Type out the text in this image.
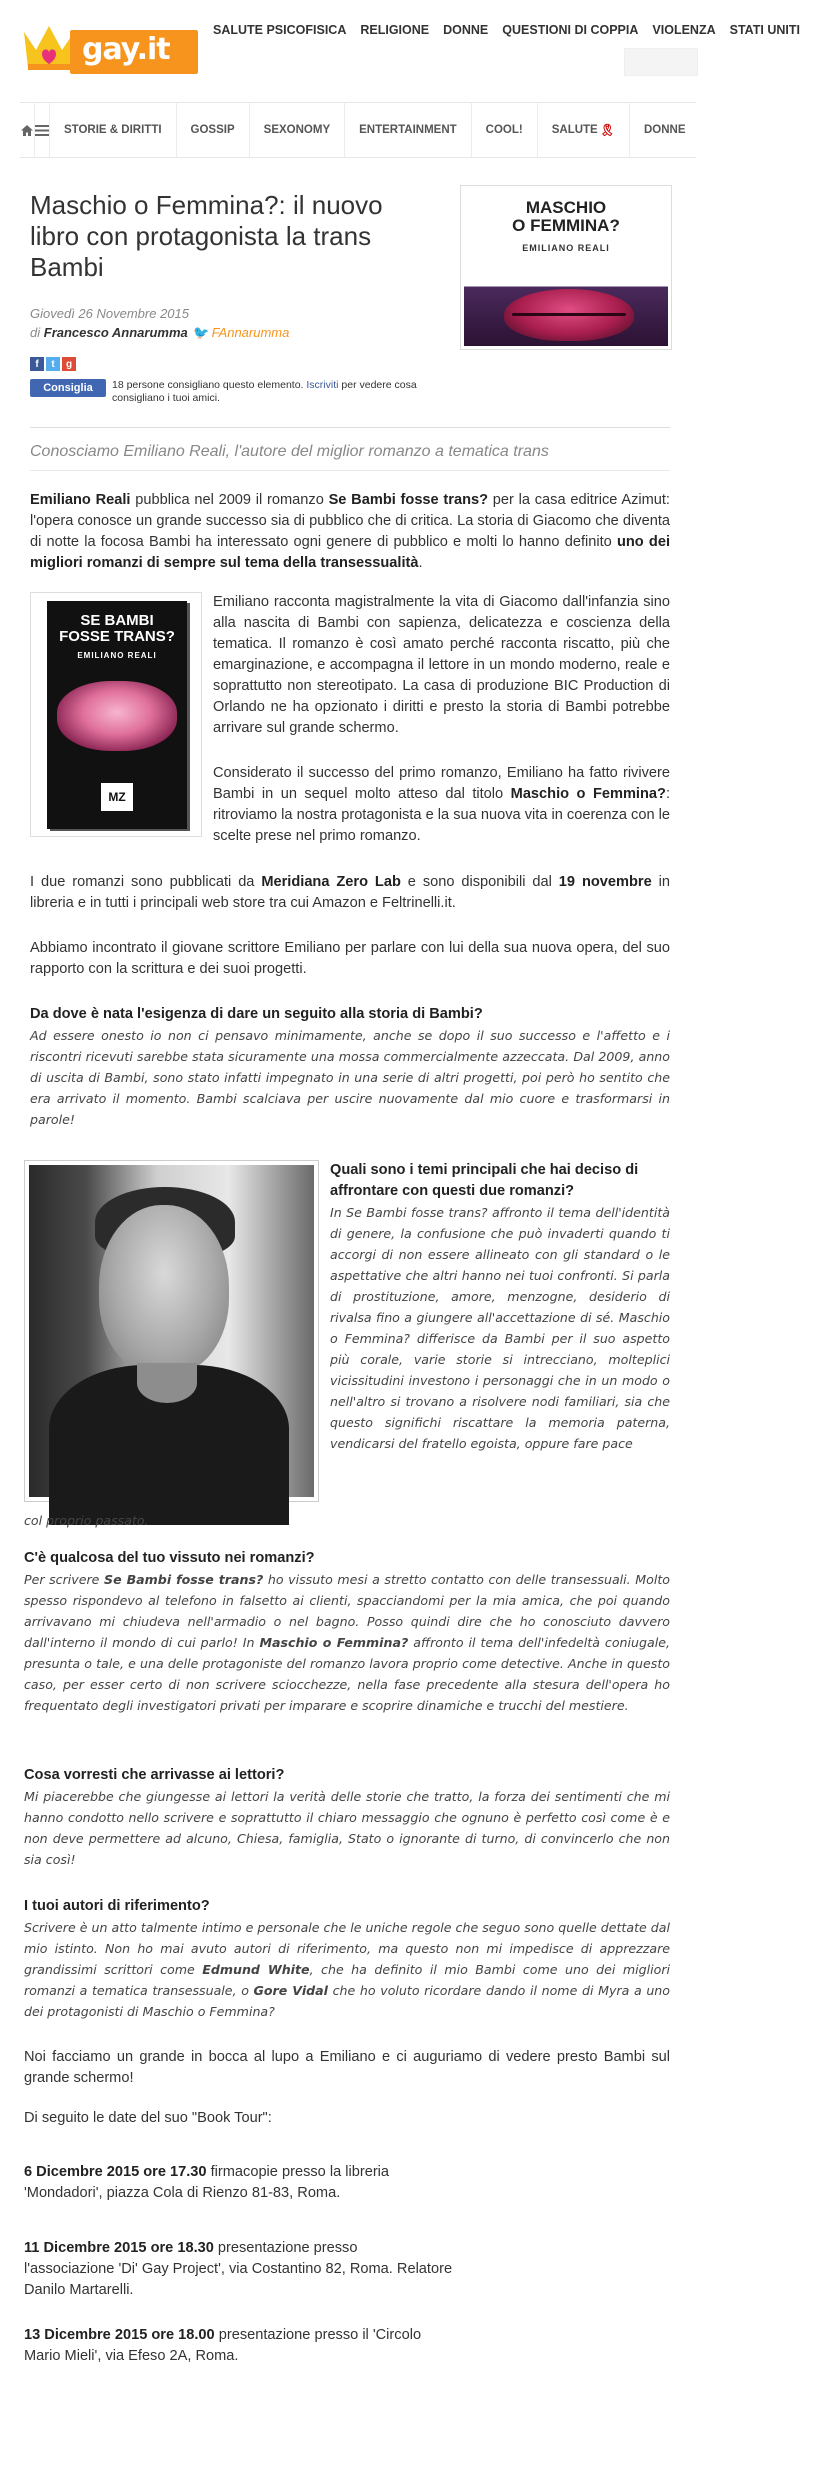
gay.it
SALUTE PSICOFISICA RELIGIONE DONNE QUESTIONI DI COPPIA VIOLENZA STATI UNITI
STORIE & DIRITTI	GOSSIP	SEXONOMY	ENTERTAINMENT	COOL!	SALUTE 🎗	DONNE
Maschio o Femmina?: il nuovo libro con protagonista la trans Bambi
Giovedì 26 Novembre 2015
di Francesco Annarumma 🐦 FAnnarumma
f	t	g
Consiglia 18 persone consigliano questo elemento. Iscriviti per vedere cosa consigliano i tuoi amici.
MASCHIO
O FEMMINA?
EMILIANO REALI
Conosciamo Emiliano Reali, l'autore del miglior romanzo a tematica trans

Emiliano Reali pubblica nel 2009 il romanzo Se Bambi fosse trans? per la casa editrice Azimut: l'opera conosce un grande successo sia di pubblico che di critica. La storia di Giacomo che diventa di notte la focosa Bambi ha interessato ogni genere di pubblico e molti lo hanno definito uno dei migliori romanzi di sempre sul tema della transessualità.

SE BAMBI
FOSSE TRANS?
EMILIANO REALI
MZ

Emiliano racconta magistralmente la vita di Giacomo dall'infanzia sino alla nascita di Bambi con sapienza, delicatezza e coscienza della tematica. Il romanzo è così amato perché racconta riscatto, più che emarginazione, e accompagna il lettore in un mondo moderno, reale e soprattutto non stereotipato. La casa di produzione BIC Production di Orlando ne ha opzionato i diritti e presto la storia di Bambi potrebbe arrivare sul grande schermo.

Considerato il successo del primo romanzo, Emiliano ha fatto rivivere Bambi in un sequel molto atteso dal titolo Maschio o Femmina?: ritroviamo la nostra protagonista e la sua nuova vita in coerenza con le scelte prese nel primo romanzo.

I due romanzi sono pubblicati da Meridiana Zero Lab e sono disponibili dal 19 novembre in libreria e in tutti i principali web store tra cui Amazon e Feltrinelli.it.

Abbiamo incontrato il giovane scrittore Emiliano per parlare con lui della sua nuova opera, del suo rapporto con la scrittura e dei suoi progetti.

Da dove è nata l'esigenza di dare un seguito alla storia di Bambi?

Ad essere onesto io non ci pensavo minimamente, anche se dopo il suo successo e l'affetto e i riscontri ricevuti sarebbe stata sicuramente una mossa commercialmente azzeccata. Dal 2009, anno di uscita di Bambi, sono stato infatti impegnato in una serie di altri progetti, poi però ho sentito che era arrivato il momento. Bambi scalciava per uscire nuovamente dal mio cuore e trasformarsi in parole!

Quali sono i temi principali che hai deciso di affrontare con questi due romanzi?

In Se Bambi fosse trans? affronto il tema dell'identità di genere, la confusione che può invaderti quando ti accorgi di non essere allineato con gli standard o le aspettative che altri hanno nei tuoi confronti. Si parla di prostituzione, amore, menzogne, desiderio di rivalsa fino a giungere all'accettazione di sé. Maschio o Femmina? differisce da Bambi per il suo aspetto più corale, varie storie si intrecciano, molteplici vicissitudini investono i personaggi che in un modo o nell'altro si trovano a risolvere nodi familiari, sia che questo significhi riscattare la memoria paterna, vendicarsi del fratello egoista, oppure fare pace

col proprio passato.

C'è qualcosa del tuo vissuto nei romanzi?

Per scrivere Se Bambi fosse trans? ho vissuto mesi a stretto contatto con delle transessuali. Molto spesso rispondevo al telefono in falsetto ai clienti, spacciandomi per la mia amica, che poi quando arrivavano mi chiudeva nell'armadio o nel bagno. Posso quindi dire che ho conosciuto davvero dall'interno il mondo di cui parlo! In Maschio o Femmina? affronto il tema dell'infedeltà coniugale, presunta o tale, e una delle protagoniste del romanzo lavora proprio come detective. Anche in questo caso, per esser certo di non scrivere sciocchezze, nella fase precedente alla stesura dell'opera ho frequentato degli investigatori privati per imparare e scoprire dinamiche e trucchi del mestiere.

Cosa vorresti che arrivasse ai lettori?

Mi piacerebbe che giungesse ai lettori la verità delle storie che tratto, la forza dei sentimenti che mi hanno condotto nello scrivere e soprattutto il chiaro messaggio che ognuno è perfetto così come è e non deve permettere ad alcuno, Chiesa, famiglia, Stato o ignorante di turno, di convincerlo che non sia così!

I tuoi autori di riferimento?

Scrivere è un atto talmente intimo e personale che le uniche regole che seguo sono quelle dettate dal mio istinto. Non ho mai avuto autori di riferimento, ma questo non mi impedisce di apprezzare grandissimi scrittori come Edmund White, che ha definito il mio Bambi come uno dei migliori romanzi a tematica transessuale, o Gore Vidal che ho voluto ricordare dando il nome di Myra a uno dei protagonisti di Maschio o Femmina?

Noi facciamo un grande in bocca al lupo a Emiliano e ci auguriamo di vedere presto Bambi sul grande schermo!

Di seguito le date del suo "Book Tour":

6 Dicembre 2015 ore 17.30 firmacopie presso la libreria
'Mondadori', piazza Cola di Rienzo 81-83, Roma.

11 Dicembre 2015 ore 18.30 presentazione presso
l'associazione 'Di' Gay Project', via Costantino 82, Roma. Relatore
Danilo Martarelli.

13 Dicembre 2015 ore 18.00 presentazione presso il 'Circolo
Mario Mieli', via Efeso 2A, Roma.
